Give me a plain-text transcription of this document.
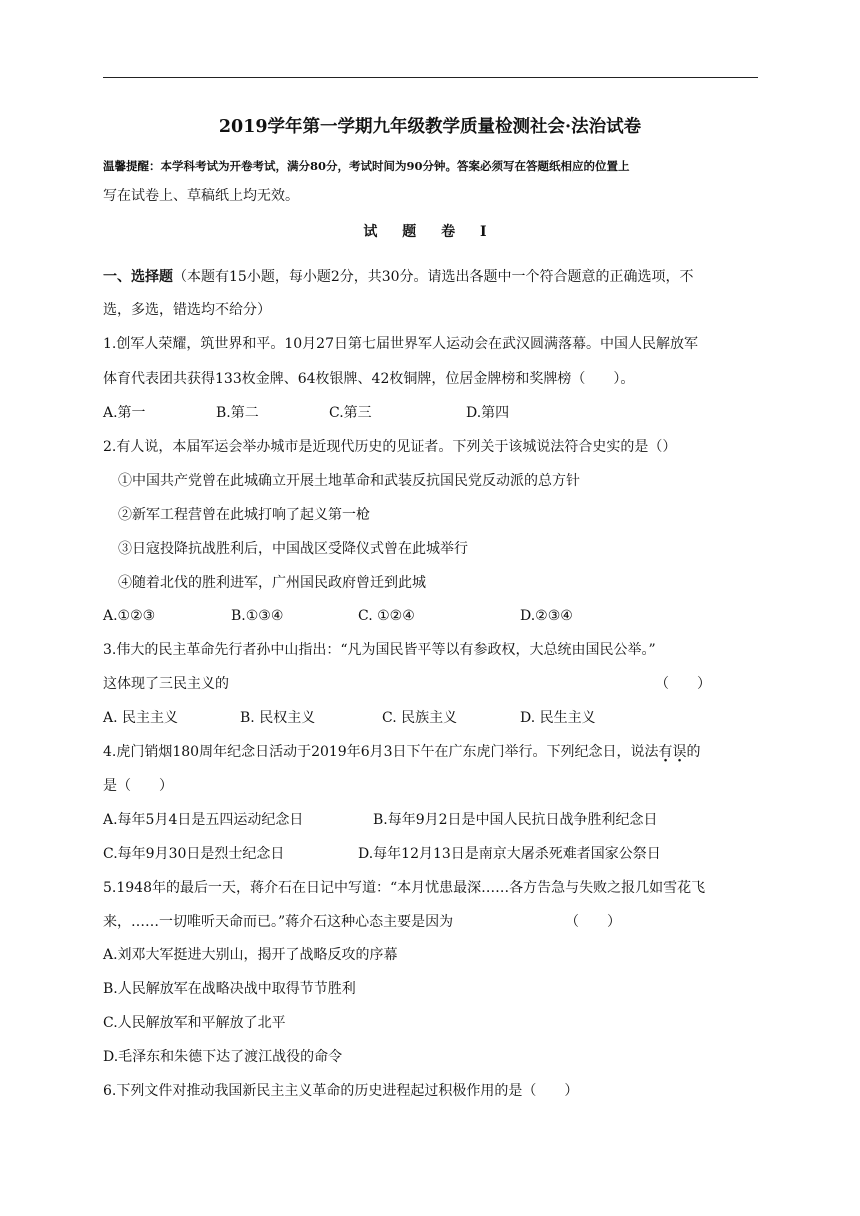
2019学年第一学期九年级教学质量检测社会·法治试卷
温馨提醒：本学科考试为开卷考试，满分80分，考试时间为90分钟。答案必须写在答题纸相应的位置上
写在试卷上、草稿纸上均无效。
试 题 卷 Ⅰ
一、选择题（本题有15小题，每小题2分，共30分。请选出各题中一个符合题意的正确选项，不
选，多选，错选均不给分）
1.创军人荣耀，筑世界和平。10月27日第七届世界军人运动会在武汉圆满落幕。中国人民解放军
体育代表团共获得133枚金牌、64枚银牌、42枚铜牌，位居金牌榜和奖牌榜（　　）。
A.第一	B.第二	C.第三	D.第四
2.有人说，本届军运会举办城市是近现代历史的见证者。下列关于该城说法符合史实的是（）
①中国共产党曾在此城确立开展土地革命和武装反抗国民党反动派的总方针
②新军工程营曾在此城打响了起义第一枪
③日寇投降抗战胜利后，中国战区受降仪式曾在此城举行
④随着北伐的胜利进军，广州国民政府曾迁到此城
A.①②③	B.①③④	C. ①②④	D.②③④
3.伟大的民主革命先行者孙中山指出：“凡为国民皆平等以有参政权，大总统由国民公举。”
这体现了三民主义的	（　　）
A. 民主主义	B. 民权主义	C. 民族主义	D. 民生主义
4.虎门销烟180周年纪念日活动于2019年6月3日下午在广东虎门举行。下列纪念日，说法有误的
是（　　）
A.每年5月4日是五四运动纪念日	B.每年9月2日是中国人民抗日战争胜利纪念日
C.每年9月30日是烈士纪念日	D.每年12月13日是南京大屠杀死难者国家公祭日
5.1948年的最后一天，蒋介石在日记中写道：“本月忧患最深……各方告急与失败之报几如雪花飞
来，……一切唯听天命而已。”蒋介石这种心态主要是因为	（　　）
A.刘邓大军挺进大别山，揭开了战略反攻的序幕
B.人民解放军在战略决战中取得节节胜利
C.人民解放军和平解放了北平
D.毛泽东和朱德下达了渡江战役的命令
6.下列文件对推动我国新民主主义革命的历史进程起过积极作用的是（　　）
